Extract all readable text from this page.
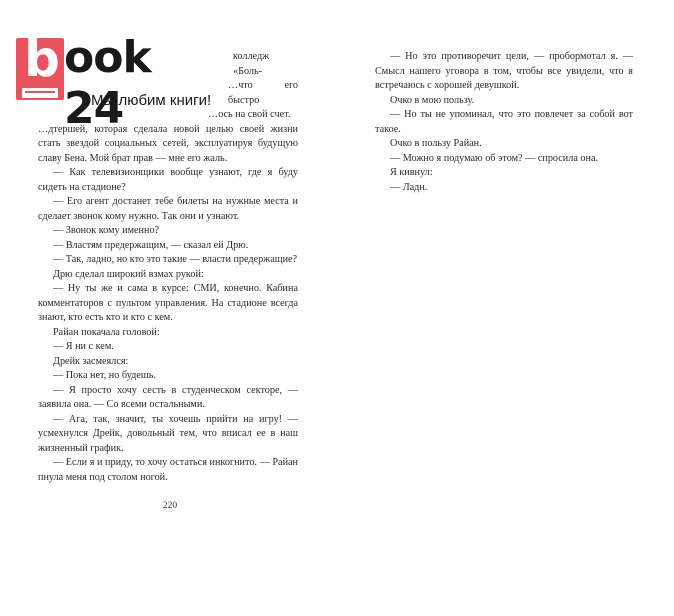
колледж «Боль-

…что его быстро

…ось на свой счет.

…дтершей, которая сделала новой целью своей жизни стать звездой социальных сетей, эксплуатируя будущую славу Бена. Мой брат прав — мне его жаль.

— Как телевизионщики вообще узнают, где я буду сидеть на стадионе?

— Его агент достанет тебе билеты на нужные места и сделает звонок кому нужно. Так они и узнают.

— Звонок кому именно?

— Властям предержащим, — сказал ей Дрю.

— Так, ладно, но кто это такие — власти предержащие?

Дрю сделал широкий взмах рукой:

— Ну ты же и сама в курсе: СМИ, конечно. Кабина комментаторов с пультом управления. На стадионе всегда знают, кто есть кто и кто с кем.

Райан покачала головой:

— Я ни с кем.

Дрейк засмеялся:

— Пока нет, но будешь.

— Я просто хочу сесть в студенческом секторе, — заявила она. — Со всеми остальными.

— Ага, так, значит, ты хочешь прийти на игру! — усмехнулся Дрейк, довольный тем, что вписал ее в наш жизненный график.

— Если я и приду, то хочу остаться инкогнито. — Райан пнула меня под столом ногой.

— Но это противоречит цели, — пробормотал я. — Смысл нашего уговора в том, чтобы все увидели, что я встречаюсь с хорошей девушкой.

Очко в мою пользу.

— Но ты не упоминал, что это повлечет за собой вот такое.

Очко в пользу Райан.

— Можно я подумаю об этом? — спросила она.

Я кивнул:

— Ладн.

220
b ook 24
Мы любим книги!
